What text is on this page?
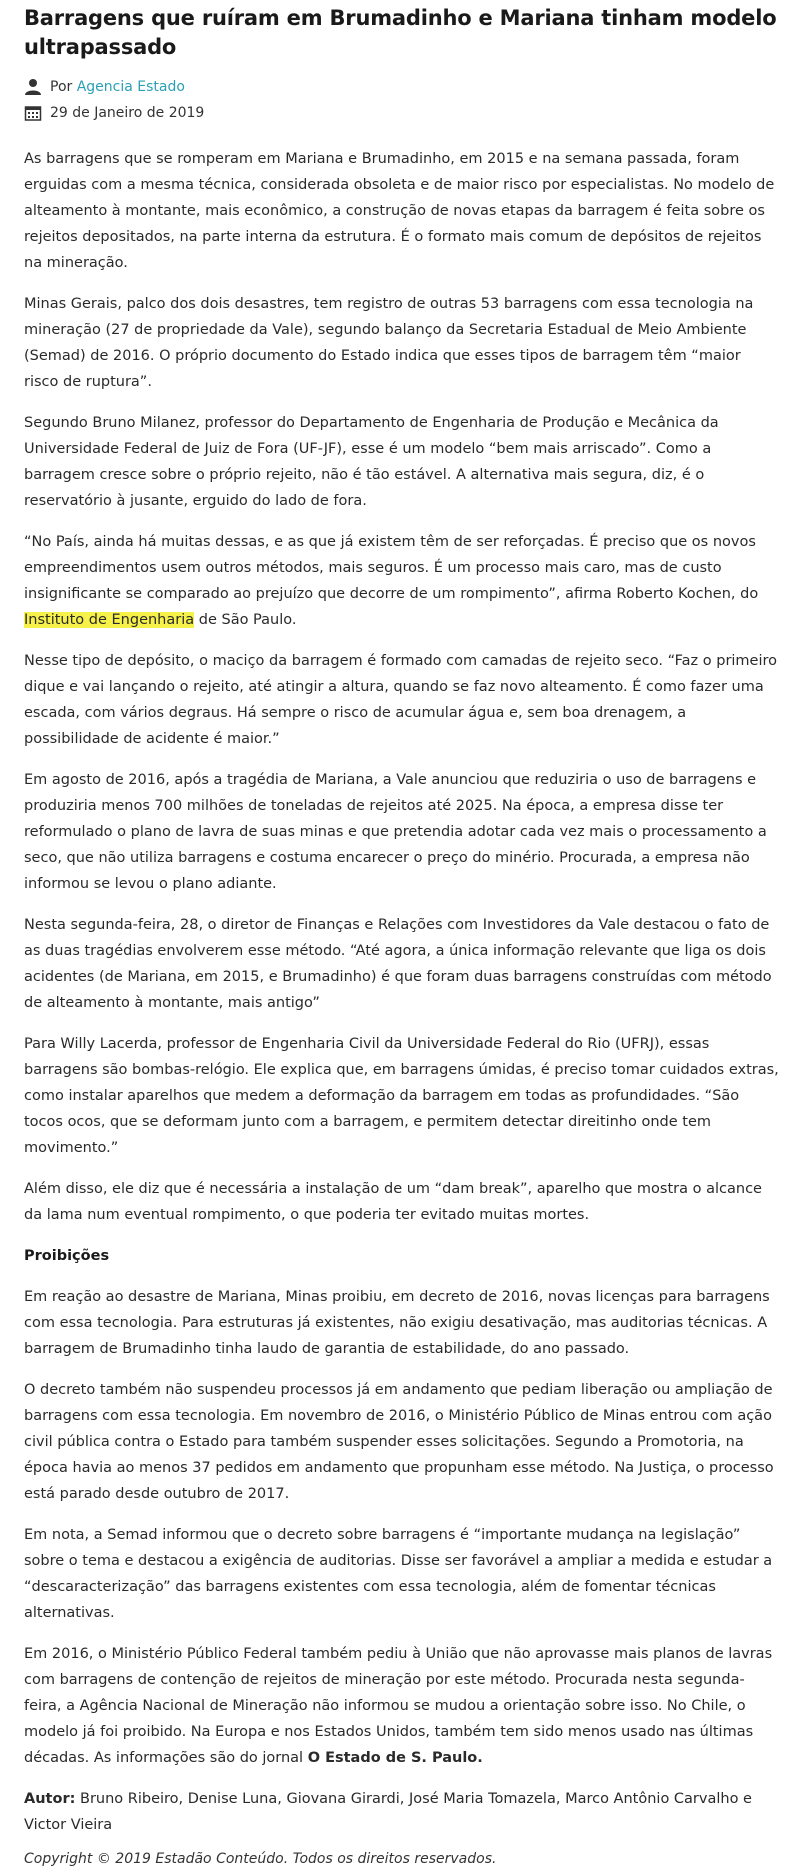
Barragens que ruíram em Brumadinho e Mariana tinham modelo ultrapassado
Por
Agencia Estado
29 de Janeiro de 2019

As barragens que se romperam em Mariana e Brumadinho, em 2015 e na semana passada, foram erguidas com a mesma técnica, considerada obsoleta e de maior risco por especialistas. No modelo de alteamento à montante, mais econômico, a construção de novas etapas da barragem é feita sobre os rejeitos depositados, na parte interna da estrutura. É o formato mais comum de depósitos de rejeitos na mineração.

Minas Gerais, palco dos dois desastres, tem registro de outras 53 barragens com essa tecnologia na mineração (27 de propriedade da Vale), segundo balanço da Secretaria Estadual de Meio Ambiente (Semad) de 2016. O próprio documento do Estado indica que esses tipos de barragem têm “maior risco de ruptura”.

Segundo Bruno Milanez, professor do Departamento de Engenharia de Produção e Mecânica da Universidade Federal de Juiz de Fora (UF-JF), esse é um modelo “bem mais arriscado”. Como a barragem cresce sobre o próprio rejeito, não é tão estável. A alternativa mais segura, diz, é o reservatório à jusante, erguido do lado de fora.

“No País, ainda há muitas dessas, e as que já existem têm de ser reforçadas. É preciso que os novos empreendimentos usem outros métodos, mais seguros. É um processo mais caro, mas de custo insignificante se comparado ao prejuízo que decorre de um rompimento”, afirma Roberto Kochen, do Instituto de Engenharia de São Paulo.

Nesse tipo de depósito, o maciço da barragem é formado com camadas de rejeito seco. “Faz o primeiro dique e vai lançando o rejeito, até atingir a altura, quando se faz novo alteamento. É como fazer uma escada, com vários degraus. Há sempre o risco de acumular água e, sem boa drenagem, a possibilidade de acidente é maior.”

Em agosto de 2016, após a tragédia de Mariana, a Vale anunciou que reduziria o uso de barragens e produziria menos 700 milhões de toneladas de rejeitos até 2025. Na época, a empresa disse ter reformulado o plano de lavra de suas minas e que pretendia adotar cada vez mais o processamento a seco, que não utiliza barragens e costuma encarecer o preço do minério. Procurada, a empresa não informou se levou o plano adiante.

Nesta segunda-feira, 28, o diretor de Finanças e Relações com Investidores da Vale destacou o fato de as duas tragédias envolverem esse método. “Até agora, a única informação relevante que liga os dois acidentes (de Mariana, em 2015, e Brumadinho) é que foram duas barragens construídas com método de alteamento à montante, mais antigo”

Para Willy Lacerda, professor de Engenharia Civil da Universidade Federal do Rio (UFRJ), essas barragens são bombas-relógio. Ele explica que, em barragens úmidas, é preciso tomar cuidados extras, como instalar aparelhos que medem a deformação da barragem em todas as profundidades. “São tocos ocos, que se deformam junto com a barragem, e permitem detectar direitinho onde tem movimento.”

Além disso, ele diz que é necessária a instalação de um “dam break”, aparelho que mostra o alcance da lama num eventual rompimento, o que poderia ter evitado muitas mortes.

Proibições

Em reação ao desastre de Mariana, Minas proibiu, em decreto de 2016, novas licenças para barragens com essa tecnologia. Para estruturas já existentes, não exigiu desativação, mas auditorias técnicas. A barragem de Brumadinho tinha laudo de garantia de estabilidade, do ano passado.

O decreto também não suspendeu processos já em andamento que pediam liberação ou ampliação de barragens com essa tecnologia. Em novembro de 2016, o Ministério Público de Minas entrou com ação civil pública contra o Estado para também suspender esses solicitações. Segundo a Promotoria, na época havia ao menos 37 pedidos em andamento que propunham esse método. Na Justiça, o processo está parado desde outubro de 2017.

Em nota, a Semad informou que o decreto sobre barragens é “importante mudança na legislação” sobre o tema e destacou a exigência de auditorias. Disse ser favorável a ampliar a medida e estudar a “descaracterização” das barragens existentes com essa tecnologia, além de fomentar técnicas alternativas.

Em 2016, o Ministério Público Federal também pediu à União que não aprovasse mais planos de lavras com barragens de contenção de rejeitos de mineração por este método. Procurada nesta segunda-feira, a Agência Nacional de Mineração não informou se mudou a orientação sobre isso. No Chile, o modelo já foi proibido. Na Europa e nos Estados Unidos, também tem sido menos usado nas últimas décadas. As informações são do jornal O Estado de S. Paulo.

Autor: Bruno Ribeiro, Denise Luna, Giovana Girardi, José Maria Tomazela, Marco Antônio Carvalho e Victor Vieira

Copyright © 2019 Estadão Conteúdo. Todos os direitos reservados.
